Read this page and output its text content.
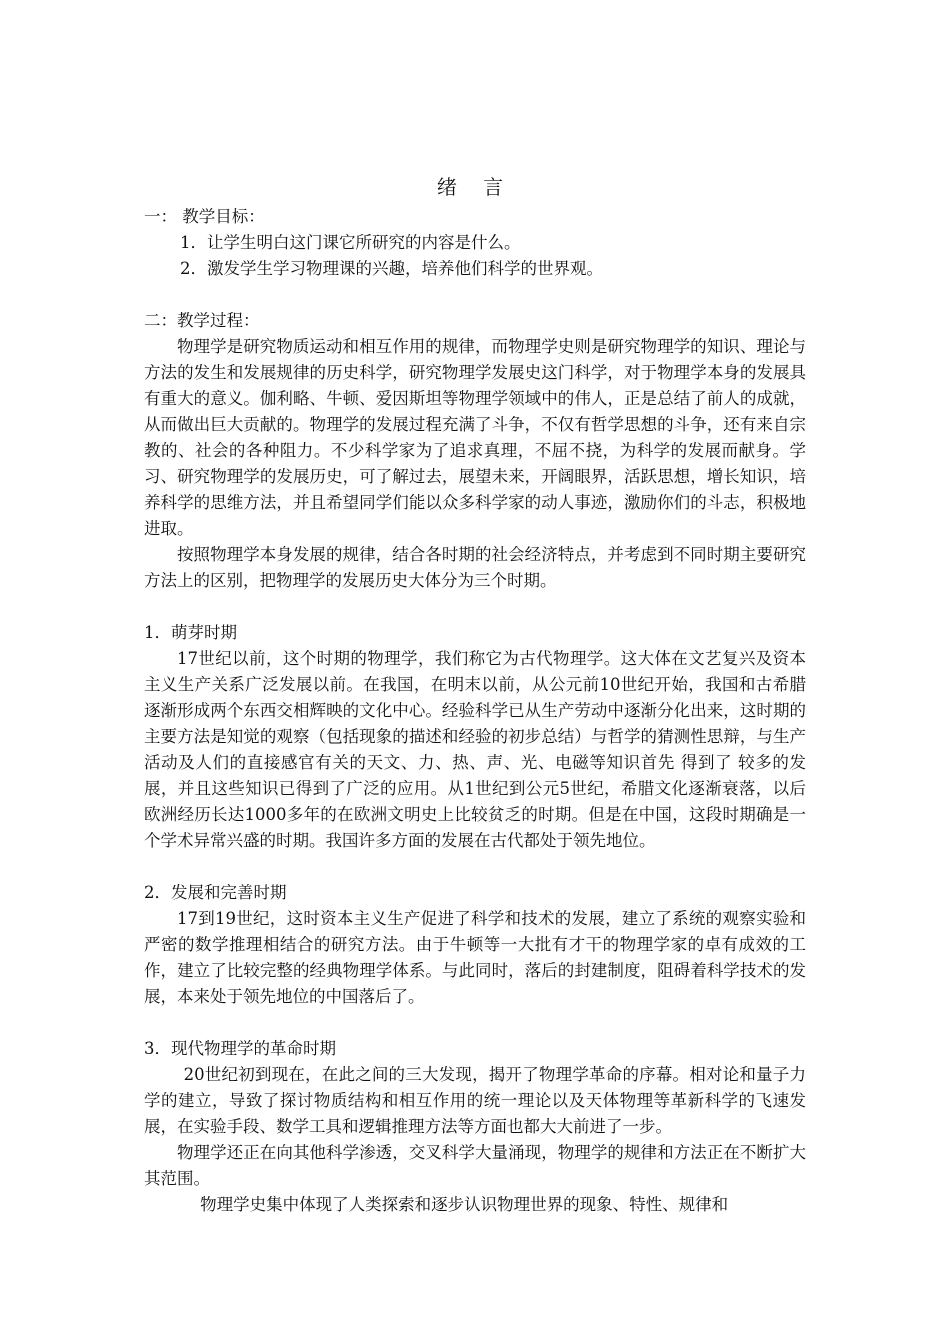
绪 言
一： 教学目标：
1．让学生明白这门课它所研究的内容是什么。
2．激发学生学习物理课的兴趣，培养他们科学的世界观。
二：教学过程：

物理学是研究物质运动和相互作用的规律，而物理学史则是研究物理学的知识、理论与方法的发生和发展规律的历史科学，研究物理学发展史这门科学，对于物理学本身的发展具有重大的意义。伽利略、牛顿、爱因斯坦等物理学领域中的伟人，正是总结了前人的成就，从而做出巨大贡献的。物理学的发展过程充满了斗争，不仅有哲学思想的斗争，还有来自宗教的、社会的各种阻力。不少科学家为了追求真理，不屈不挠，为科学的发展而献身。学习、研究物理学的发展历史，可了解过去，展望未来，开阔眼界，活跃思想，增长知识，培养科学的思维方法，并且希望同学们能以众多科学家的动人事迹，激励你们的斗志，积极地进取。

按照物理学本身发展的规律，结合各时期的社会经济特点，并考虑到不同时期主要研究方法上的区别，把物理学的发展历史大体分为三个时期。

1．萌芽时期

17世纪以前，这个时期的物理学，我们称它为古代物理学。这大体在文艺复兴及资本主义生产关系广泛发展以前。在我国，在明末以前，从公元前10世纪开始，我国和古希腊逐渐形成两个东西交相辉映的文化中心。经验科学已从生产劳动中逐渐分化出来，这时期的主要方法是知觉的观察（包括现象的描述和经验的初步总结）与哲学的猜测性思辩，与生产活动及人们的直接感官有关的天文、力、热、声、光、电磁等知识首先 得到了 较多的发展，并且这些知识已得到了广泛的应用。从1世纪到公元5世纪，希腊文化逐渐衰落，以后欧洲经历长达1000多年的在欧洲文明史上比较贫乏的时期。但是在中国，这段时期确是一个学术异常兴盛的时期。我国许多方面的发展在古代都处于领先地位。

2．发展和完善时期

17到19世纪，这时资本主义生产促进了科学和技术的发展，建立了系统的观察实验和严密的数学推理相结合的研究方法。由于牛顿等一大批有才干的物理学家的卓有成效的工作，建立了比较完整的经典物理学体系。与此同时，落后的封建制度，阻碍着科学技术的发展，本来处于领先地位的中国落后了。

3．现代物理学的革命时期

20世纪初到现在，在此之间的三大发现，揭开了物理学革命的序幕。相对论和量子力学的建立，导致了探讨物质结构和相互作用的统一理论以及天体物理等革新科学的飞速发展，在实验手段、数学工具和逻辑推理方法等方面也都大大前进了一步。

物理学还正在向其他科学渗透，交叉科学大量涌现，物理学的规律和方法正在不断扩大其范围。

物理学史集中体现了人类探索和逐步认识物理世界的现象、特性、规律和
